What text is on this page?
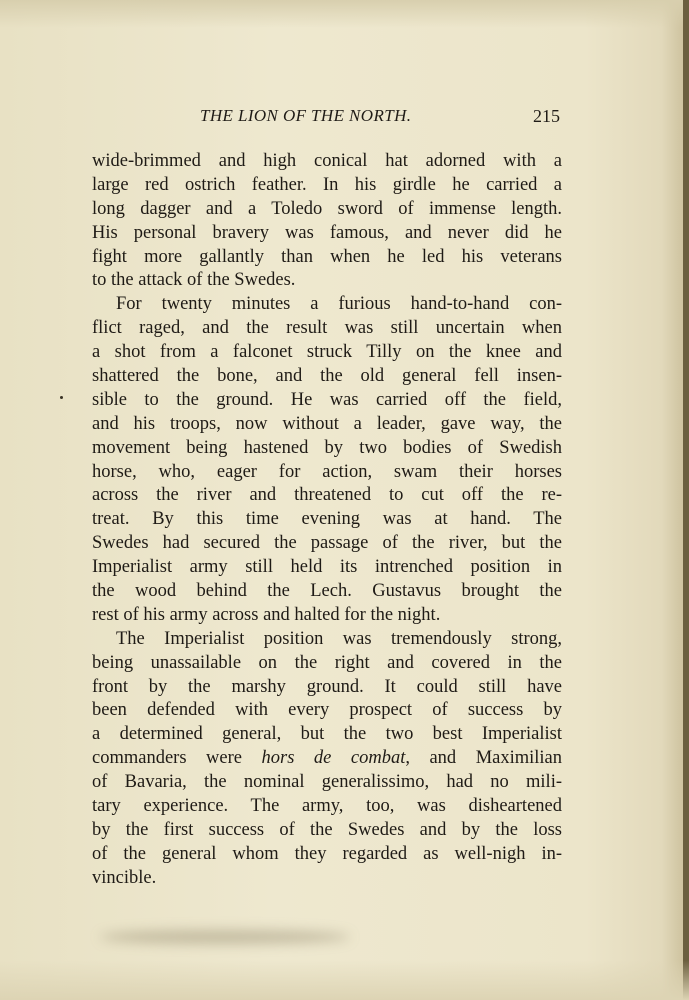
THE LION OF THE NORTH.	215
wide-brimmed and high conical hat adorned with a
large red ostrich feather. In his girdle he carried a
long dagger and a Toledo sword of immense length.
His personal bravery was famous, and never did he
fight more gallantly than when he led his veterans
to the attack of the Swedes.
For twenty minutes a furious hand-to-hand con-
flict raged, and the result was still uncertain when
a shot from a falconet struck Tilly on the knee and
shattered the bone, and the old general fell insen-
sible to the ground. He was carried off the field,
and his troops, now without a leader, gave way, the
movement being hastened by two bodies of Swedish
horse, who, eager for action, swam their horses
across the river and threatened to cut off the re-
treat. By this time evening was at hand. The
Swedes had secured the passage of the river, but the
Imperialist army still held its intrenched position in
the wood behind the Lech. Gustavus brought the
rest of his army across and halted for the night.
The Imperialist position was tremendously strong,
being unassailable on the right and covered in the
front by the marshy ground. It could still have
been defended with every prospect of success by
a determined general, but the two best Imperialist
commanders were hors de combat, and Maximilian
of Bavaria, the nominal generalissimo, had no mili-
tary experience. The army, too, was disheartened
by the first success of the Swedes and by the loss
of the general whom they regarded as well-nigh in-
vincible.
